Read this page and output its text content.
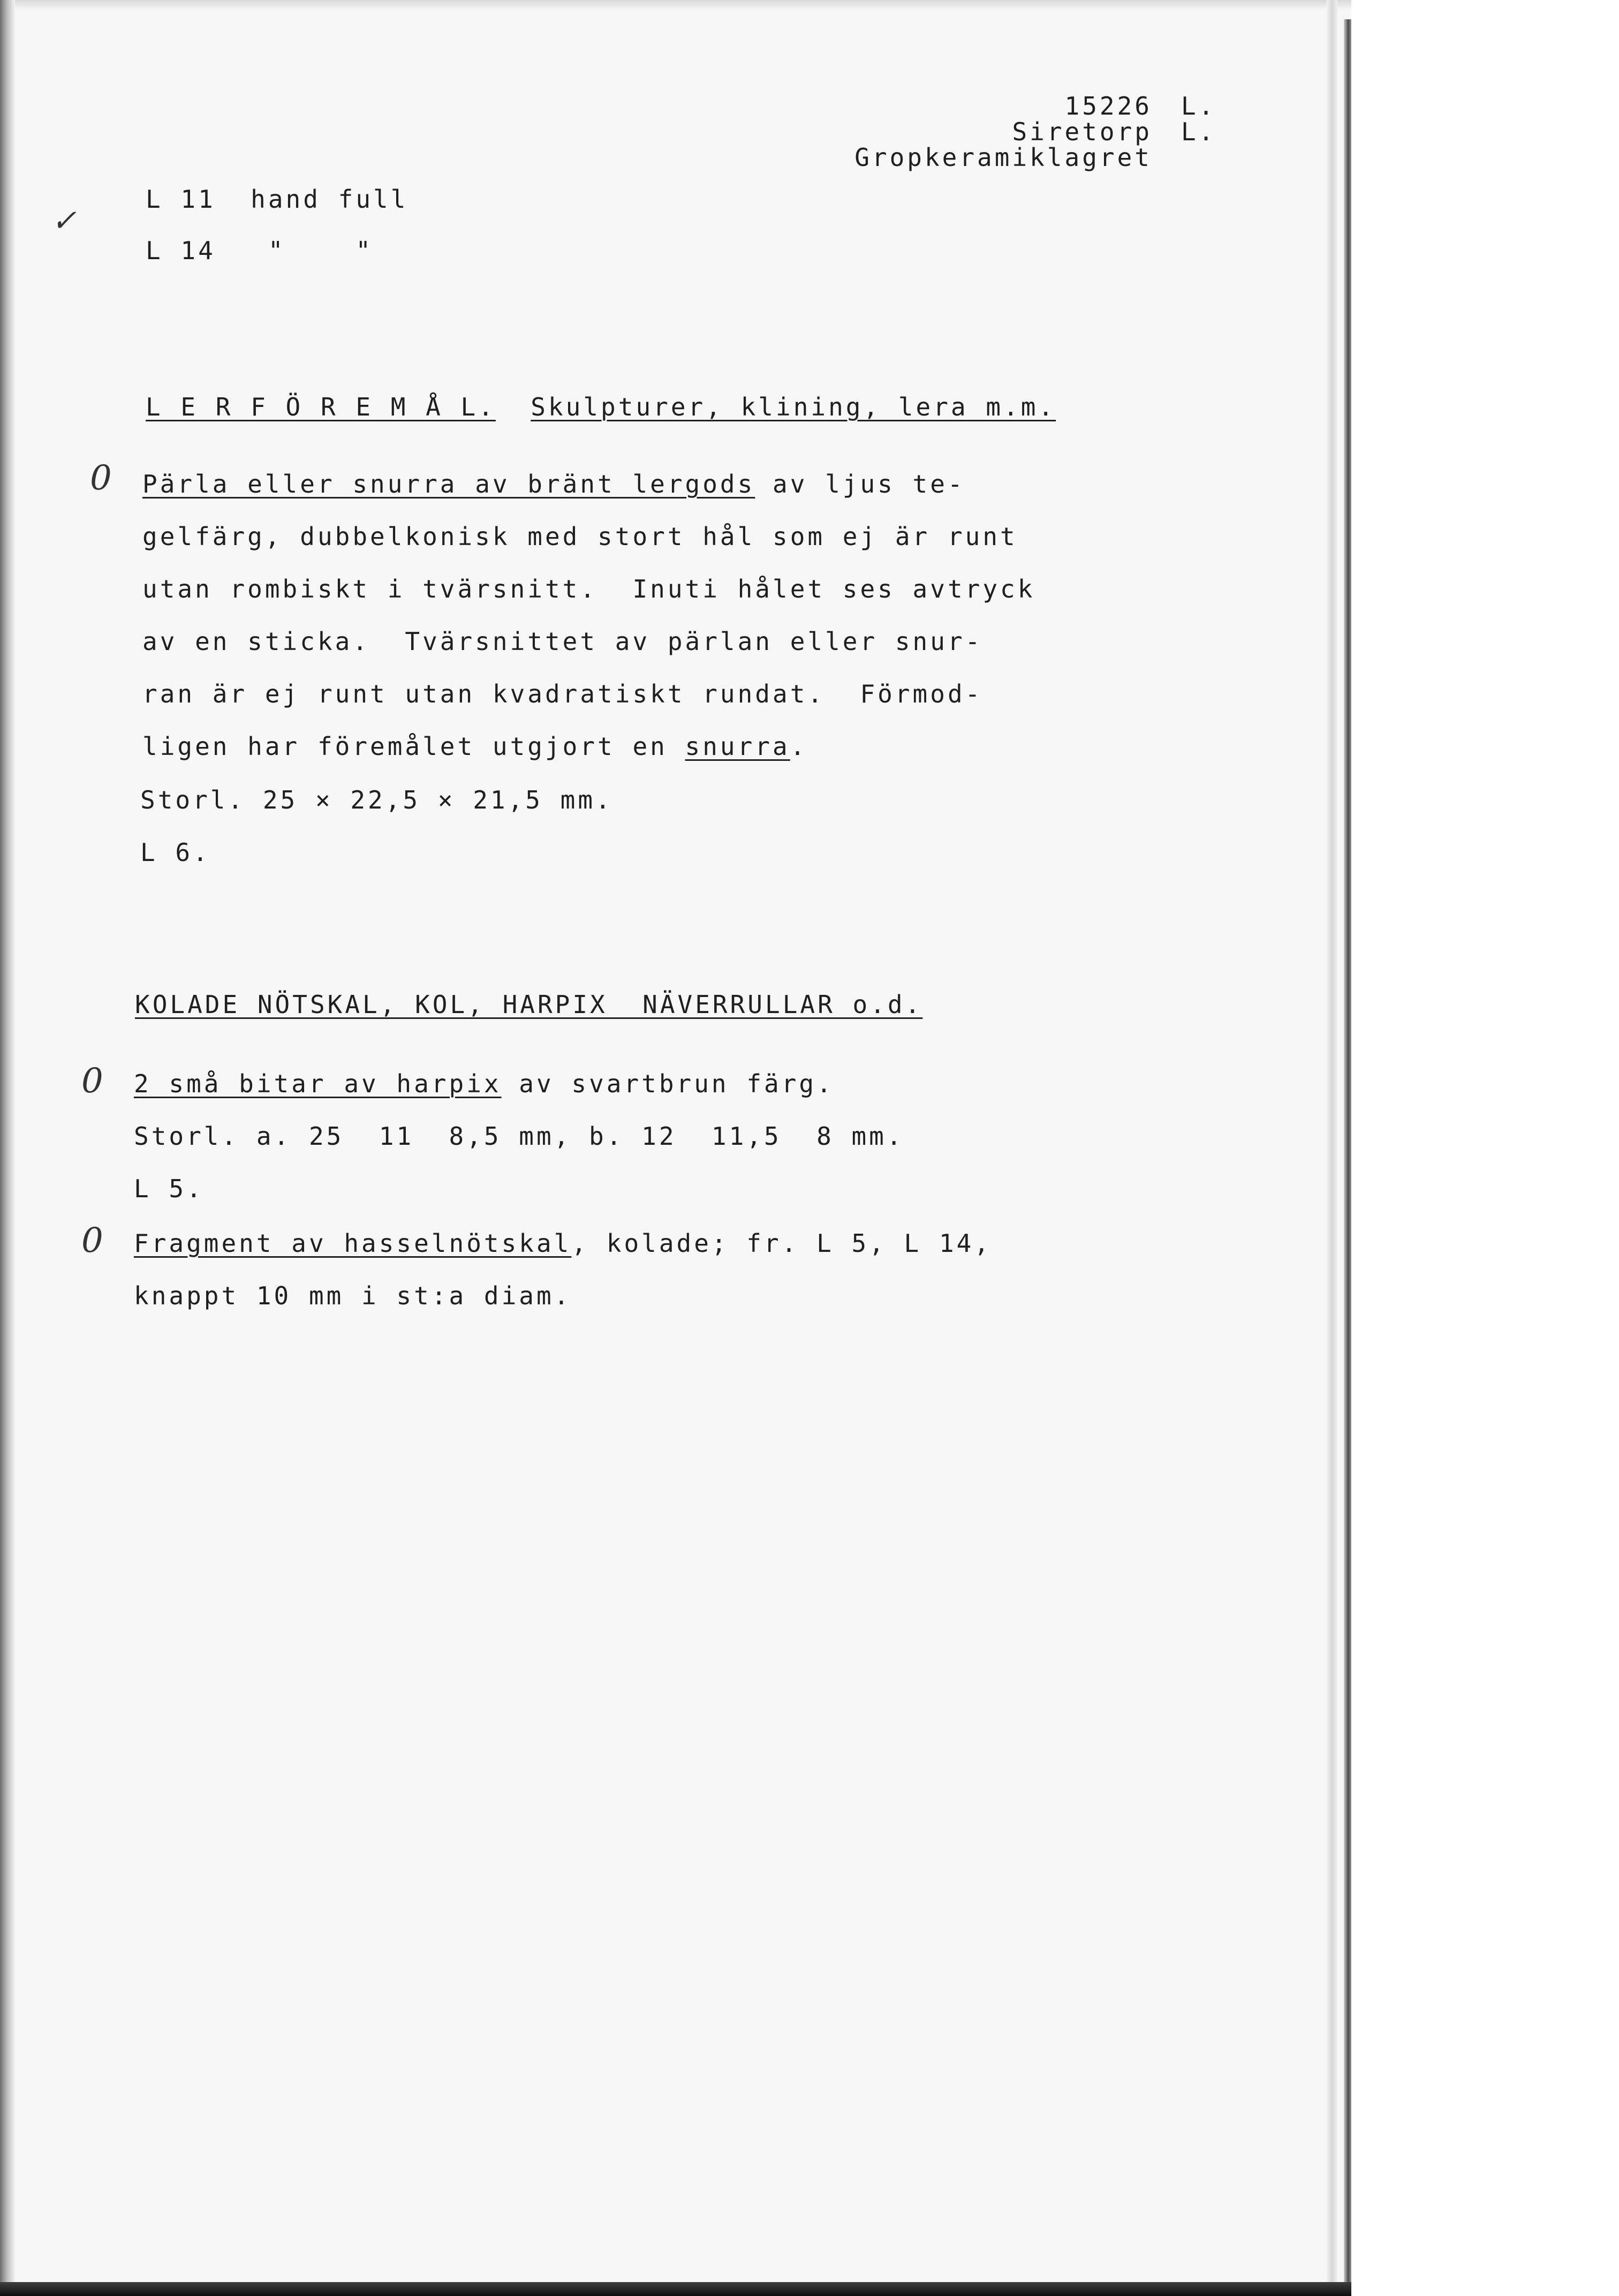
15226
Siretorp
Gropkeramiklagret
L.
L.
L 11  hand full
L 14   "    "
✓
L E R F Ö R E M Å L. Skulpturer, klining, lera m.m.
0 Pärla eller snurra av bränt lergods av ljus te-
gelfärg, dubbelkonisk med stort hål som ej är runt
utan rombiskt i tvärsnitt.  Inuti hålet ses avtryck
av en sticka.  Tvärsnittet av pärlan eller snur-
ran är ej runt utan kvadratiskt rundat.  Förmod-
ligen har föremålet utgjort en snurra.
Storl. 25 × 22,5 × 21,5 mm.
L 6.
KOLADE NÖTSKAL, KOL, HARPIX  NÄVERRULLAR o.d.
0 2 små bitar av harpix av svartbrun färg.
Storl. a. 25  11  8,5 mm, b. 12  11,5  8 mm.
L 5.
0 Fragment av hasselnötskal, kolade; fr. L 5, L 14,
knappt 10 mm i st:a diam.
